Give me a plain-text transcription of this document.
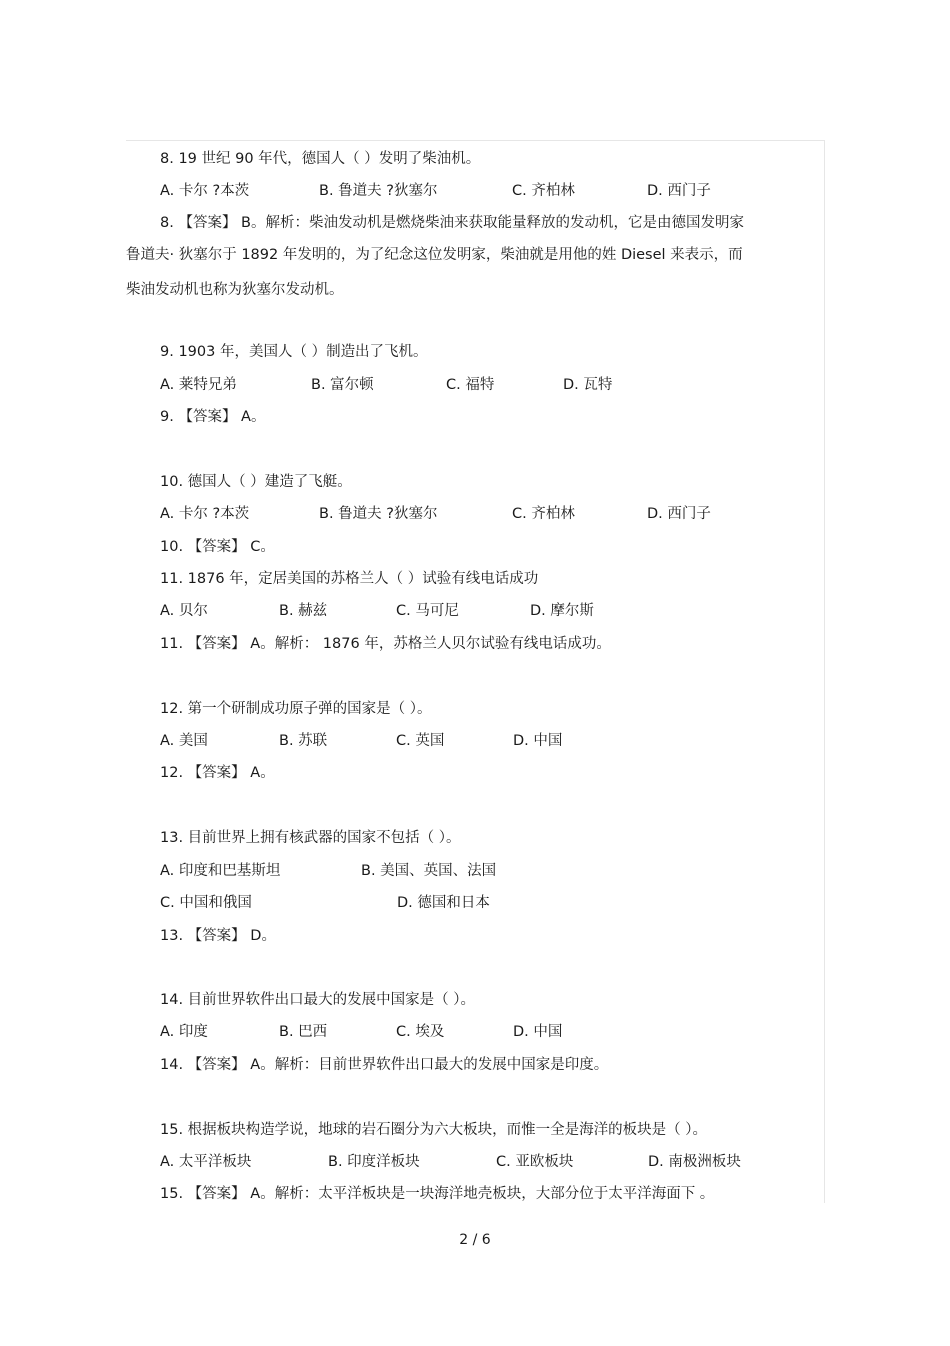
8. 19 世纪 90 年代，德国人（ ）发明了柴油机。
A. 卡尔 ?本茨	B. 鲁道夫 ?狄塞尔	C. 齐柏林	D. 西门子
8. 【答案】 B。解析：柴油发动机是燃烧柴油来获取能量释放的发动机，它是由德国发明家
鲁道夫· 狄塞尔于 1892 年发明的，为了纪念这位发明家，柴油就是用他的姓 Diesel 来表示，而
柴油发动机也称为狄塞尔发动机。
9. 1903 年，美国人（ ）制造出了飞机。
A. 莱特兄弟	B. 富尔顿	C. 福特	D. 瓦特
9. 【答案】 A。
10. 德国人（ ）建造了飞艇。
A. 卡尔 ?本茨	B. 鲁道夫 ?狄塞尔	C. 齐柏林	D. 西门子
10. 【答案】 C。
11. 1876 年，定居美国的苏格兰人（ ）试验有线电话成功
A. 贝尔	B. 赫兹	C. 马可尼	D. 摩尔斯
11. 【答案】 A。解析： 1876 年，苏格兰人贝尔试验有线电话成功。
12. 第一个研制成功原子弹的国家是（ ）。
A. 美国	B. 苏联	C. 英国	D. 中国
12. 【答案】 A。
13. 目前世界上拥有核武器的国家不包括（ ）。
A. 印度和巴基斯坦	B. 美国、英国、法国
C. 中国和俄国	D. 德国和日本
13. 【答案】 D。
14. 目前世界软件出口最大的发展中国家是（ ）。
A. 印度	B. 巴西	C. 埃及	D. 中国
14. 【答案】 A。解析：目前世界软件出口最大的发展中国家是印度。
15. 根据板块构造学说，地球的岩石圈分为六大板块，而惟一全是海洋的板块是（ ）。
A. 太平洋板块	B. 印度洋板块	C. 亚欧板块	D. 南极洲板块
15. 【答案】 A。解析：太平洋板块是一块海洋地壳板块，大部分位于太平洋海面下 。
2 / 6
